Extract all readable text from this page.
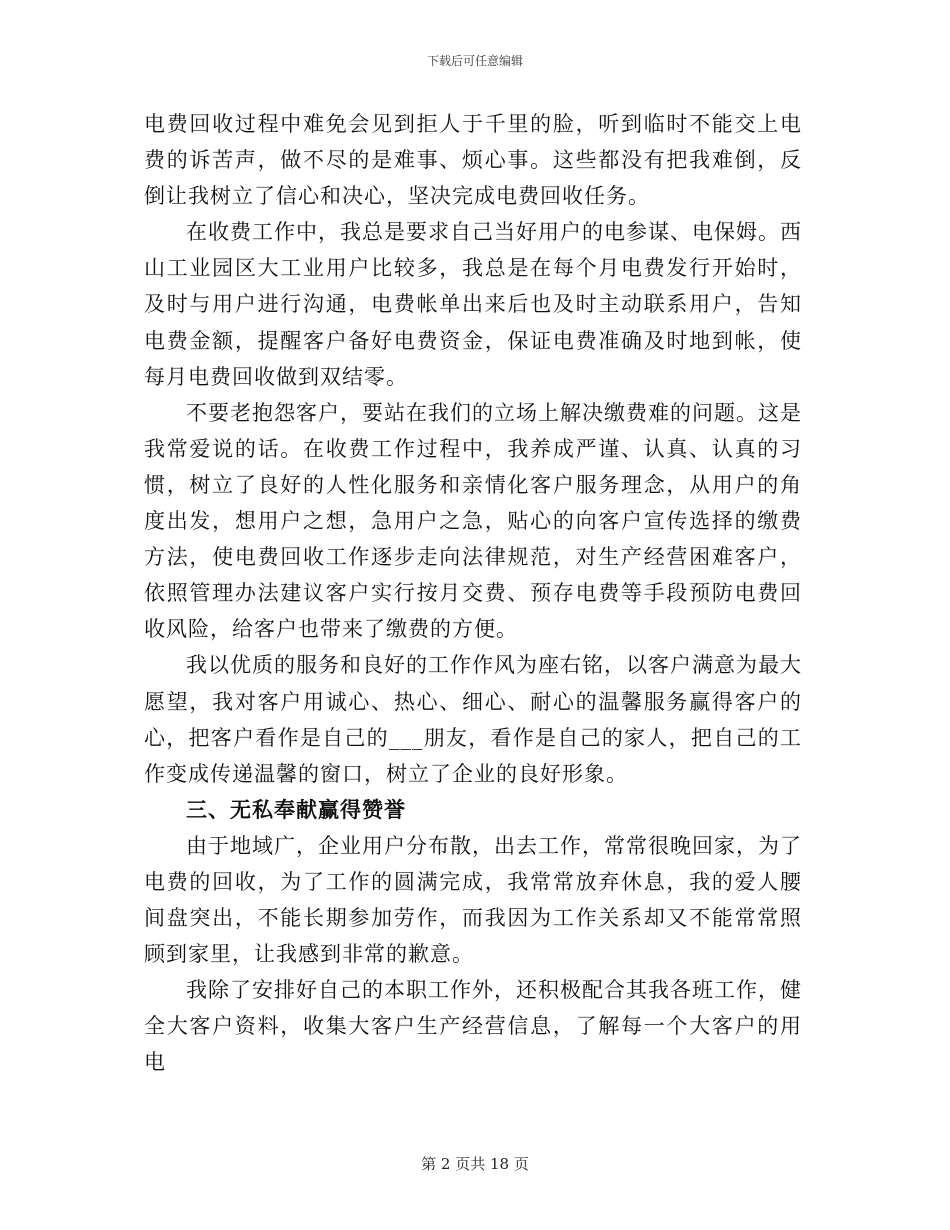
下载后可任意编辑

电费回收过程中难免会见到拒人于千里的脸，听到临时不能交上电费的诉苦声，做不尽的是难事、烦心事。这些都没有把我难倒，反倒让我树立了信心和决心，坚决完成电费回收任务。

在收费工作中，我总是要求自己当好用户的电参谋、电保姆。西山工业园区大工业用户比较多，我总是在每个月电费发行开始时，及时与用户进行沟通，电费帐单出来后也及时主动联系用户，告知电费金额，提醒客户备好电费资金，保证电费准确及时地到帐，使每月电费回收做到双结零。

不要老抱怨客户，要站在我们的立场上解决缴费难的问题。这是我常爱说的话。在收费工作过程中，我养成严谨、认真、认真的习惯，树立了良好的人性化服务和亲情化客户服务理念，从用户的角度出发，想用户之想，急用户之急，贴心的向客户宣传选择的缴费方法，使电费回收工作逐步走向法律规范，对生产经营困难客户，依照管理办法建议客户实行按月交费、预存电费等手段预防电费回收风险，给客户也带来了缴费的方便。

我以优质的服务和良好的工作作风为座右铭，以客户满意为最大愿望，我对客户用诚心、热心、细心、耐心的温馨服务赢得客户的心，把客户看作是自己的___朋友，看作是自己的家人，把自己的工作变成传递温馨的窗口，树立了企业的良好形象。

三、无私奉献赢得赞誉

由于地域广，企业用户分布散，出去工作，常常很晚回家，为了电费的回收，为了工作的圆满完成，我常常放弃休息，我的爱人腰间盘突出，不能长期参加劳作，而我因为工作关系却又不能常常照顾到家里，让我感到非常的歉意。

我除了安排好自己的本职工作外，还积极配合其我各班工作，健全大客户资料，收集大客户生产经营信息，了解每一个大客户的用电

第 2 页共 18 页
